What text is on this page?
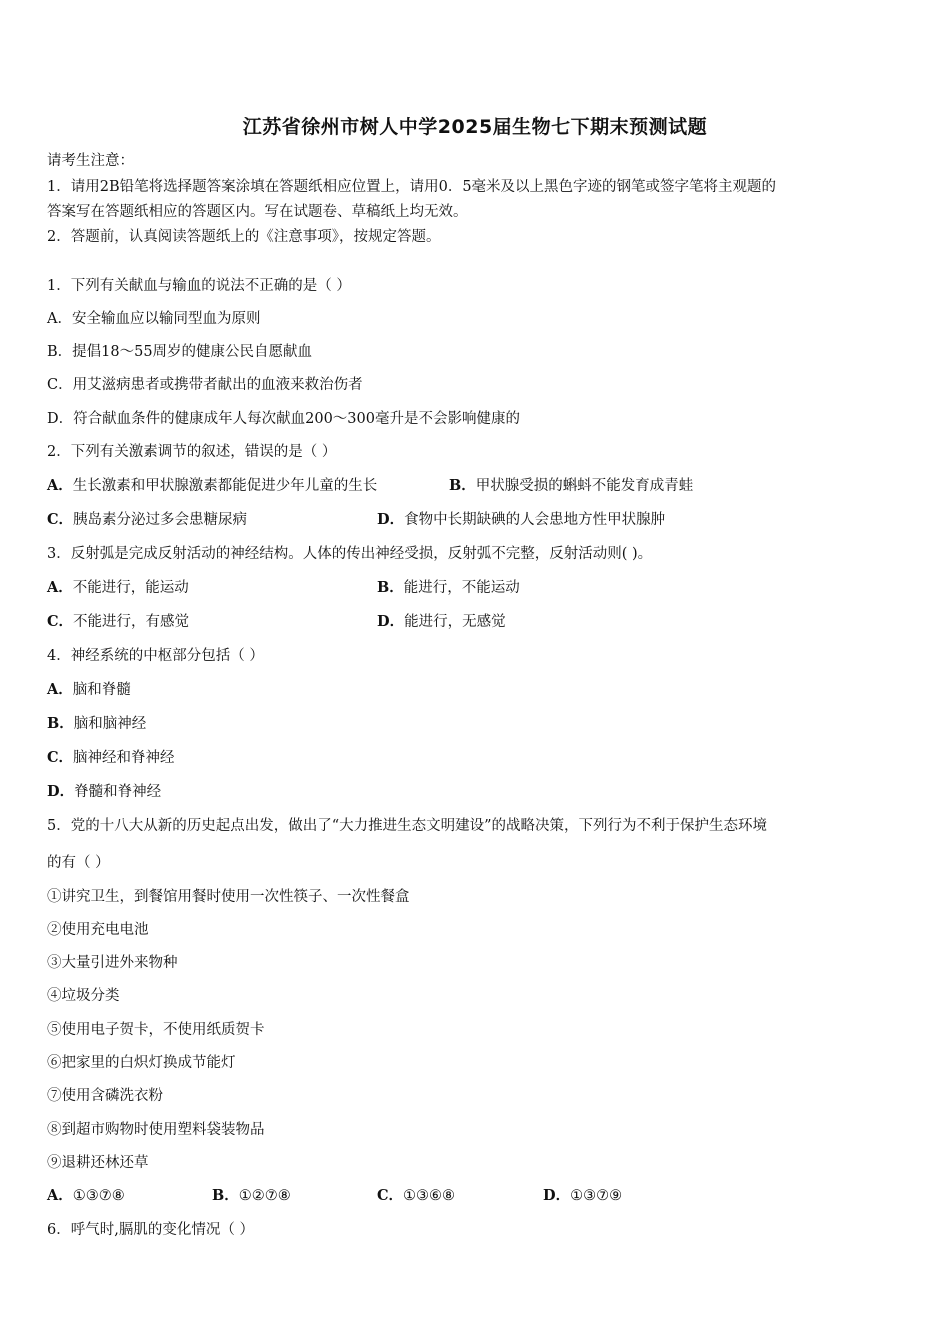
江苏省徐州市树人中学2025届生物七下期末预测试题
请考生注意：
1．请用2B铅笔将选择题答案涂填在答题纸相应位置上，请用0．5毫米及以上黑色字迹的钢笔或签字笔将主观题的
答案写在答题纸相应的答题区内。写在试题卷、草稿纸上均无效。
2．答题前，认真阅读答题纸上的《注意事项》，按规定答题。
1．下列有关献血与输血的说法不正确的是（ ）
A．安全输血应以输同型血为原则
B．提倡18～55周岁的健康公民自愿献血
C．用艾滋病患者或携带者献出的血液来救治伤者
D．符合献血条件的健康成年人每次献血200～300毫升是不会影响健康的
2．下列有关激素调节的叙述，错误的是（ ）
A．生长激素和甲状腺激素都能促进少年儿童的生长	B．甲状腺受损的蝌蚪不能发育成青蛙
C．胰岛素分泌过多会患糖尿病	D．食物中长期缺碘的人会患地方性甲状腺肿
3．反射弧是完成反射活动的神经结构。人体的传出神经受损，反射弧不完整，反射活动则( )。
A．不能进行，能运动	B．能进行，不能运动
C．不能进行，有感觉	D．能进行，无感觉
4．神经系统的中枢部分包括（ ）
A．脑和脊髓
B．脑和脑神经
C．脑神经和脊神经
D．脊髓和脊神经
5．党的十八大从新的历史起点出发，做出了“大力推进生态文明建设”的战略决策，下列行为不利于保护生态环境
的有（ ）
①讲究卫生，到餐馆用餐时使用一次性筷子、一次性餐盒
②使用充电电池
③大量引进外来物种
④垃圾分类
⑤使用电子贺卡，不使用纸质贺卡
⑥把家里的白炽灯换成节能灯
⑦使用含磷洗衣粉
⑧到超市购物时使用塑料袋装物品
⑨退耕还林还草
A．①③⑦⑧	B．①②⑦⑧	C．①③⑥⑧	D．①③⑦⑨
6．呼气时,膈肌的变化情况（ ）
